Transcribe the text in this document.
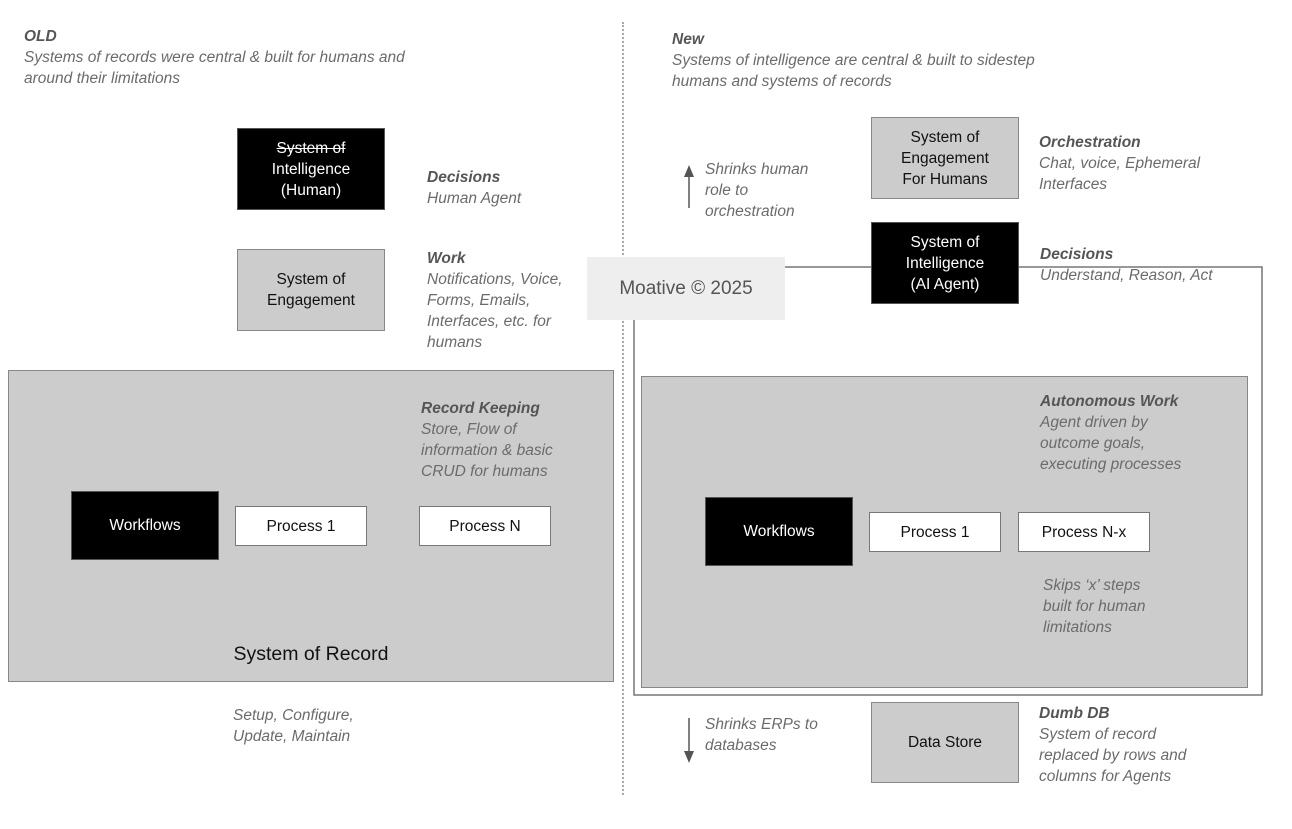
OLD
Systems of records were central & built for humans and
around their limitations
System of
Intelligence
(Human)
Decisions
Human Agent
System of
Engagement
Work
Notifications, Voice,
Forms, Emails,
Interfaces, etc. for
humans
Record Keeping
Store, Flow of
information & basic
CRUD for humans
Workflows	Process 1	Process N
System of Record
Setup, Configure,
Update, Maintain
New
Systems of intelligence are central & built to sidestep
humans and systems of records
Shrinks human
role to
orchestration
System of
Engagement
For Humans
Orchestration
Chat, voice, Ephemeral
Interfaces
System of
Intelligence
(AI Agent)
Decisions
Understand, Reason, Act
Autonomous Work
Agent driven by
outcome goals,
executing processes
Workflows	Process 1	Process N-x
Skips ‘x’ steps
built for human
limitations
Shrinks ERPs to
databases	Data Store
Dumb DB
System of record
replaced by rows and
columns for Agents
Moative © 2025
